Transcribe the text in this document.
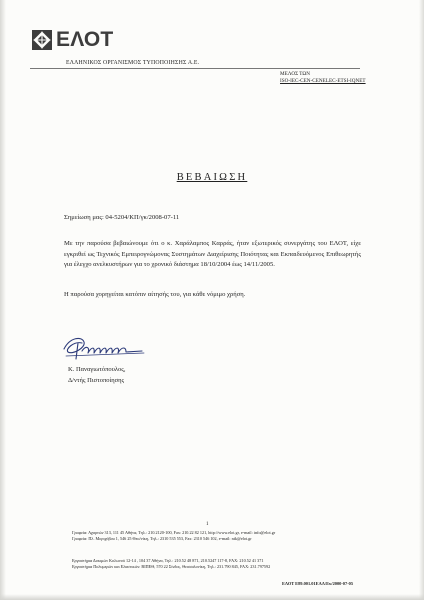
ΕΛΟΤ
ΕΛΛΗΝΙΚΟΣ ΟΡΓΑΝΙΣΜΟΣ ΤΥΠΟΠΟΙΗΣΗΣ Α.Ε.
ΜΕΛΟΣ ΤΩΝ
ISO-IEC-CEN-CENELEC-ETSI-IQNET
ΒΕΒΑΙΩΣΗ
Σημείωση μας: 04-5204/ΚΠ/γκ/2008-07-11
Με την παρούσα βεβαιώνουμε ότι ο κ. Χαράλαμπος Καρράς, ήταν εξωτερικός συνεργάτης του ΕΛΟΤ, είχε εγκριθεί ως Τεχνικός Εμπειρογνώμονας Συστημάτων Διαχείρισης Ποιότητας και Εκπαιδευόμενος Επιθεωρητής για έλεγχο ανελκυστήρων για το χρονικό διάστημα 18/10/2004 έως 14/11/2005.
Η παρούσα χορηγείται κατόπιν αίτησής του, για κάθε νόμιμο χρήση.
Κ. Παναγιωτόπουλος,
Δ/ντής Πιστοποίησης
1
Γραφεία: Αχαρνών 313, 111 45 Αθήνα, Τηλ.: 210.2120-100, Fax: 210.22 82 121, http://www.elot.gr, e-mail: info@elot.gr
Γραφεία: Πλ. Μοριχόβου 1, 546 25 Θεσ/νίκη, Τηλ.: 2310 535 553, Fax: 2310 546 102, e-mail: ntk@elot.gr
Εργαστήρια Δοκιμών Κολωνού 12-14 , 104 37 Αθήνα, Τηλ.: 210.52 48 871, 210.5247 117-8, FAX: 210.52 41 371
Εργαστήρια Πολυμερών και Ελαστικών: ΒΙΠΕΘ, 570 22 Σίνδος, Θεσσαλονίκη, Τηλ.: 231.790 845, FAX: 231.797592
ΕΛΟΤ Ε89.001.01ΕΑΛ/Ευ/2000-07-05
